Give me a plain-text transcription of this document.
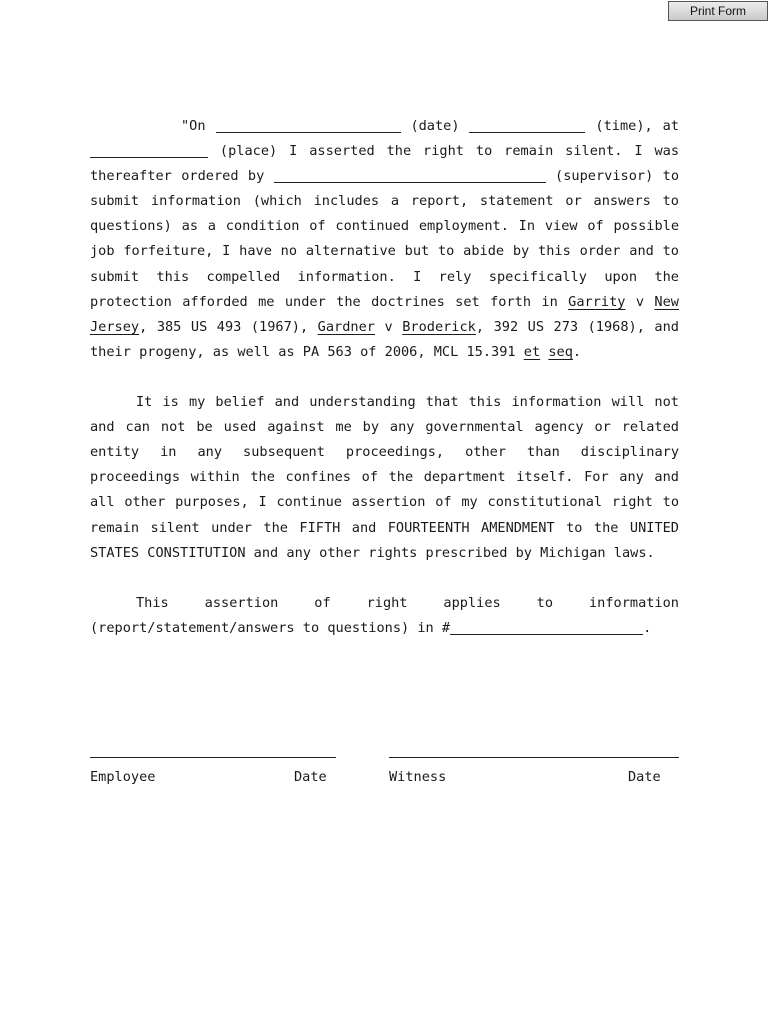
Print Form

"On	(date)	(time), at  (place) I asserted the right to remain silent. I was thereafter ordered by	(supervisor) to submit information (which includes a report, statement or answers to questions) as a condition of continued employment. In view of possible job forfeiture, I have no alternative but to abide by this order and to submit this compelled information. I rely specifically upon the protection afforded me under the doctrines set forth in Garrity v New Jersey, 385 US 493 (1967), Gardner v Broderick, 392 US 273 (1968), and their progeny, as well as PA 563 of 2006, MCL 15.391 et seq.

It is my belief and understanding that this information will not and can not be used against me by any governmental agency or related entity in any subsequent proceedings, other than disciplinary proceedings within the confines of the department itself. For any and all other purposes, I continue assertion of my constitutional right to remain silent under the FIFTH and FOURTEENTH AMENDMENT to the UNITED STATES CONSTITUTION and any other rights prescribed by Michigan laws.

This assertion of right applies to information (report/statement/answers to questions) in #	.

Employee	Date	Witness	Date
